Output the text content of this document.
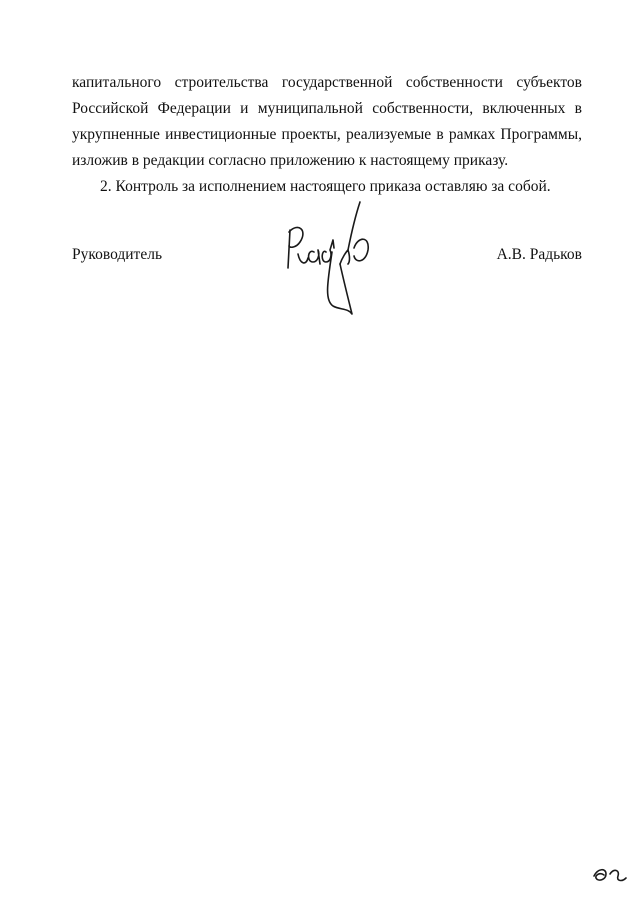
капитального строительства государственной собственности субъектов
Российской Федерации и муниципальной собственности, включенных в
укрупненные инвестиционные проекты, реализуемые в рамках Программы,
изложив в редакции согласно приложению к настоящему приказу.
2. Контроль за исполнением настоящего приказа оставляю за собой.
Руководитель	А.В. Радьков
